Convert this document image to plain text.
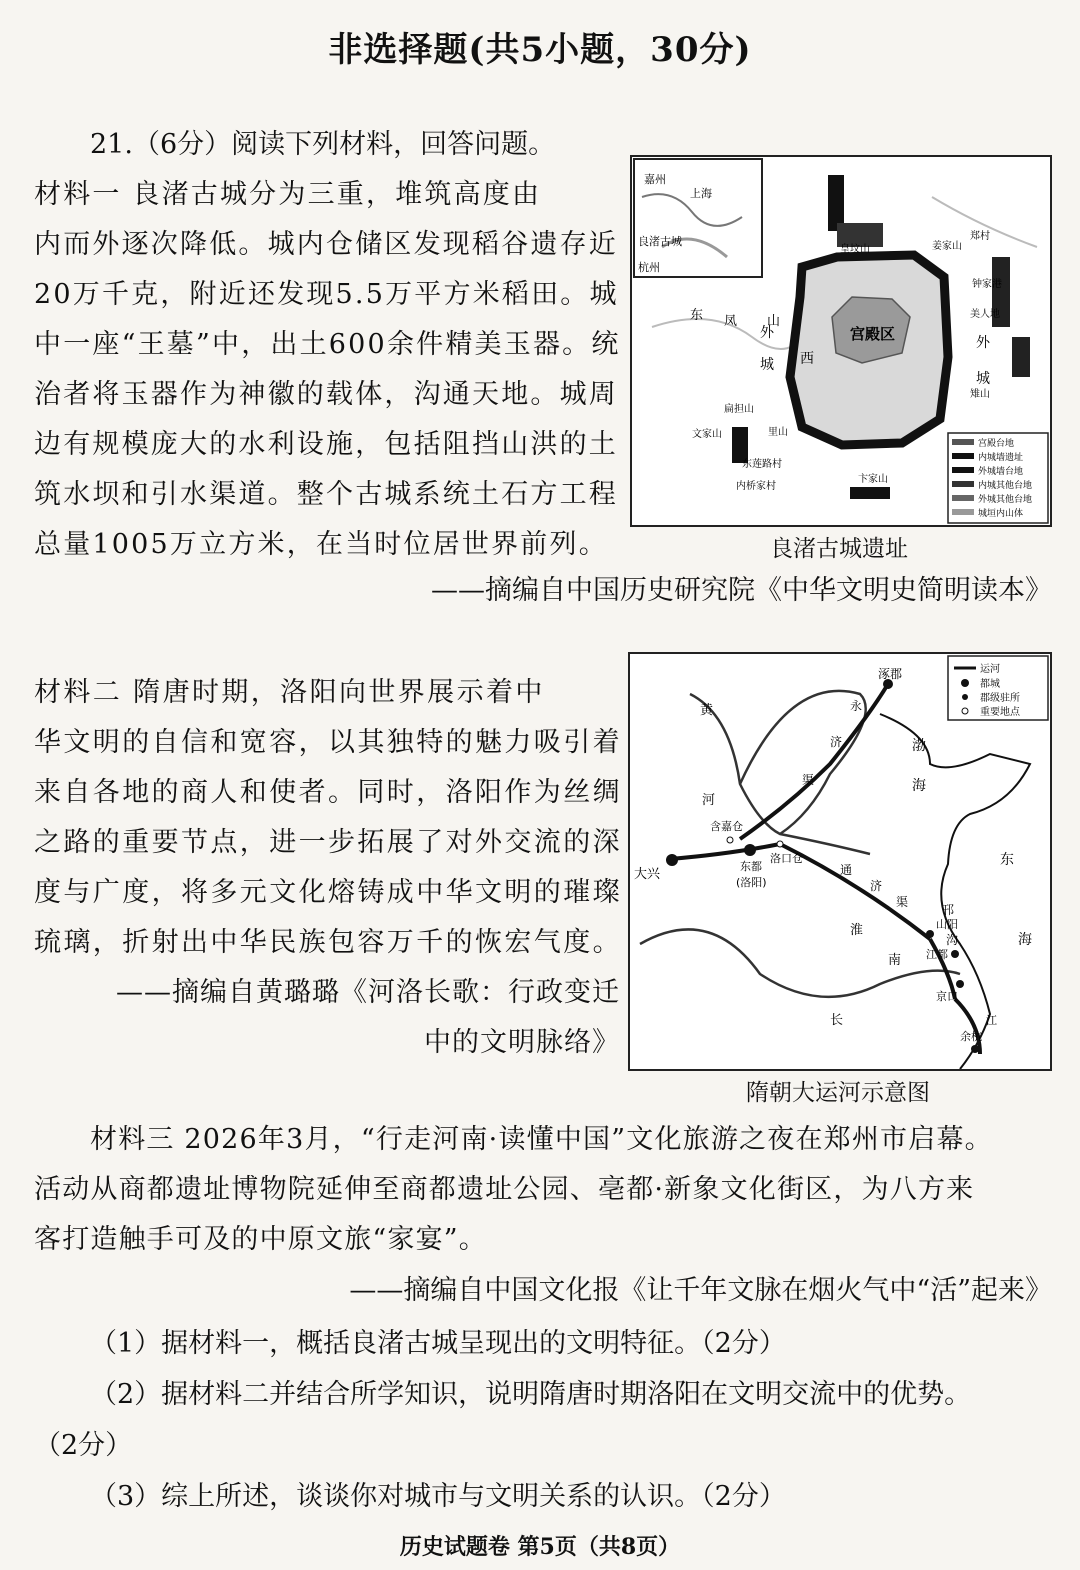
非选择题(共5小题，30分)
21.（6分）阅读下列材料，回答问题。
材料一 良渚古城分为三重，堆筑高度由
内而外逐次降低。城内仓储区发现稻谷遗存近
20万千克，附近还发现5.5万平方米稻田。城
中一座“王墓”中，出土600余件精美玉器。统
治者将玉器作为神徽的载体，沟通天地。城周
边有规模庞大的水利设施，包括阻挡山洪的土
筑水坝和引水渠道。整个古城系统土石方工程
总量1005万立方米，在当时位居世界前列。
嘉州
上海
良渚古城
杭州
宫殿区
西
外
城
外
城
东 凤 山
皇坟山	姜家山
钟家港
美人地
里山
卞家山
扁担山
文家山
东莲路村
内桥家村
郑村
雉山
宫殿台地
内城墙遗址
外城墙台地
内城其他台地
外城其他台地
城垣内山体
良渚古城遗址
——摘编自中国历史研究院《中华文明史简明读本》
材料二 隋唐时期，洛阳向世界展示着中
华文明的自信和宽容，以其独特的魅力吸引着
来自各地的商人和使者。同时，洛阳作为丝绸
之路的重要节点，进一步拓展了对外交流的深
度与广度，将多元文化熔铸成中华文明的璀璨
琉璃，折射出中华民族包容万千的恢宏气度。
——摘编自黄璐璐《河洛长歌：行政变迁
中的文明脉络》
运河
都城
郡级驻所
重要地点
涿郡
黄
河
渤
海
东
海
永
济
渠
大兴
含嘉仓
东都
(洛阳)
洛口仓
通
济
渠
山阳
江都
邗
沟
京口
余杭
江
长
南
淮
隋朝大运河示意图
材料三 2026年3月，“行走河南·读懂中国”文化旅游之夜在郑州市启幕。
活动从商都遗址博物院延伸至商都遗址公园、亳都·新象文化街区，为八方来
客打造触手可及的中原文旅“家宴”。
——摘编自中国文化报《让千年文脉在烟火气中“活”起来》
（1）据材料一，概括良渚古城呈现出的文明特征。（2分）
（2）据材料二并结合所学知识，说明隋唐时期洛阳在文明交流中的优势。
（2分）
（3）综上所述，谈谈你对城市与文明关系的认识。（2分）
历史试题卷 第5页（共8页）
